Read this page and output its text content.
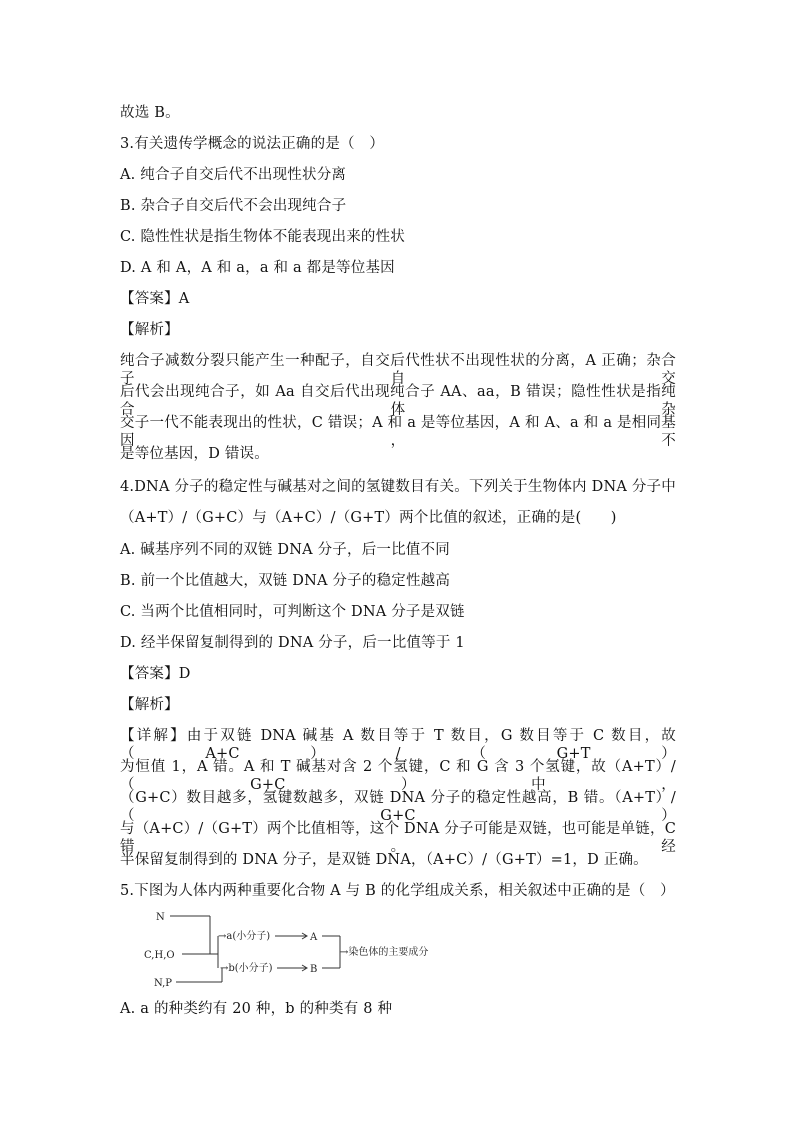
故选 B。
3.有关遗传学概念的说法正确的是（　）
A. 纯合子自交后代不出现性状分离
B. 杂合子自交后代不会出现纯合子
C. 隐性性状是指生物体不能表现出来的性状
D. A 和 A，A 和 a，a 和 a 都是等位基因
【答案】A
【解析】
纯合子减数分裂只能产生一种配子，自交后代性状不出现性状的分离，A 正确；杂合子自交
后代会出现纯合子，如 Aa 自交后代出现纯合子 AA、aa，B 错误；隐性性状是指纯合体杂
交子一代不能表现出的性状，C 错误；A 和 a 是等位基因，A 和 A、a 和 a 是相同基因，不
是等位基因，D 错误。
4.DNA 分子的稳定性与碱基对之间的氢键数目有关。下列关于生物体内 DNA 分子中
（A+T）/（G+C）与（A+C）/（G+T）两个比值的叙述，正确的是(　　)
A. 碱基序列不同的双链 DNA 分子，后一比值不同
B. 前一个比值越大，双链 DNA 分子的稳定性越高
C. 当两个比值相同时，可判断这个 DNA 分子是双链
D. 经半保留复制得到的 DNA 分子，后一比值等于 1
【答案】D
【解析】
【详解】由于双链 DNA 碱基 A 数目等于 T 数目，G 数目等于 C 数目，故（A+C）/（G+T）
为恒值 1，A 错。A 和 T 碱基对含 2 个氢键，C 和 G 含 3 个氢键，故（A+T）/（G+C）中，
（G+C）数目越多，氢键数越多，双链 DNA 分子的稳定性越高，B 错。（A+T）/（G+C）
与（A+C）/（G+T）两个比值相等，这个 DNA 分子可能是双链，也可能是单链，C 错。经
半保留复制得到的 DNA 分子，是双链 DNA，（A+C）/（G+T）=1，D 正确。
5.下图为人体内两种重要化合物 A 与 B 的化学组成关系，相关叙述中正确的是（　）
N
C,H,O
N,P
→a(小分子)
→b(小分子)
A
B
→染色体的主要成分
A. a 的种类约有 20 种，b 的种类有 8 种
